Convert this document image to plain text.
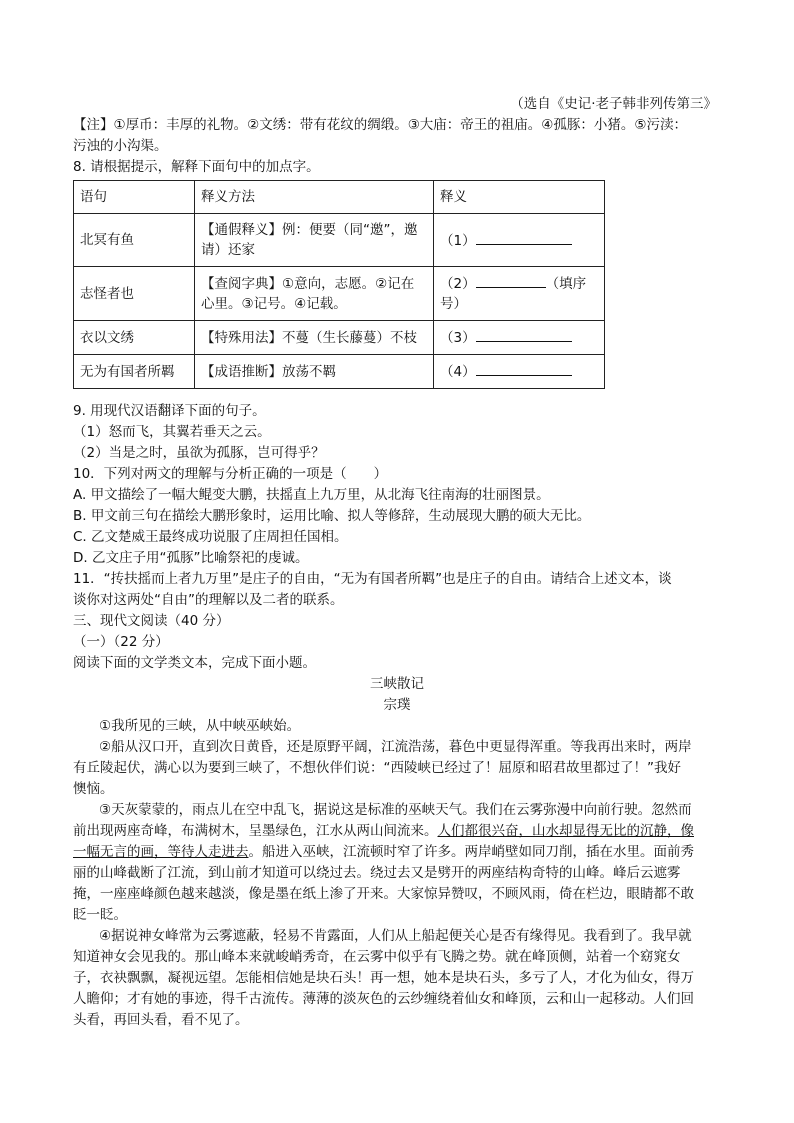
（选自《史记·老子韩非列传第三》
【注】①厚币：丰厚的礼物。②文绣：带有花纹的绸缎。③大庙：帝王的祖庙。④孤豚：小猪。⑤污渎：
污浊的小沟渠。
8. 请根据提示，解释下面句中的加点字。
语句	释义方法	释义
北冥有鱼	【通假释义】例：便要（同“邀”，邀请）还家	（1）
志怪者也	【查阅字典】①意向，志愿。②记在心里。③记号。④记载。	（2） （填序号）
衣以文绣	【特殊用法】不蔓（生长藤蔓）不枝	（3）
无为有国者所羁	【成语推断】放荡不羁	（4）
9. 用现代汉语翻译下面的句子。
（1）怒而飞，其翼若垂天之云。
（2）当是之时，虽欲为孤豚，岂可得乎？
10．下列对两文的理解与分析正确的一项是（　　）
A. 甲文描绘了一幅大鲲变大鹏，扶摇直上九万里，从北海飞往南海的壮丽图景。
B. 甲文前三句在描绘大鹏形象时，运用比喻、拟人等修辞，生动展现大鹏的硕大无比。
C. 乙文楚威王最终成功说服了庄周担任国相。
D. 乙文庄子用“孤豚”比喻祭祀的虔诚。
11．“抟扶摇而上者九万里”是庄子的自由，“无为有国者所羁”也是庄子的自由。请结合上述文本，谈
谈你对这两处“自由”的理解以及二者的联系。
三、现代文阅读（40 分）
（一）（22 分）
阅读下面的文学类文本，完成下面小题。
三峡散记
宗璞
①我所见的三峡，从中峡巫峡始。
②船从汉口开，直到次日黄昏，还是原野平阔，江流浩荡，暮色中更显得浑重。等我再出来时，两岸
有丘陵起伏，满心以为要到三峡了，不想伙伴们说：“西陵峡已经过了！屈原和昭君故里都过了！”我好
懊恼。
③天灰蒙蒙的，雨点儿在空中乱飞，据说这是标准的巫峡天气。我们在云雾弥漫中向前行驶。忽然而
前出现两座奇峰，布满树木，呈墨绿色，江水从两山间流来。人们都很兴奋，山水却显得无比的沉静，像
一幅无言的画，等待人走进去。船进入巫峡，江流顿时窄了许多。两岸峭壁如同刀削，插在水里。面前秀
丽的山峰截断了江流，到山前才知道可以绕过去。绕过去又是劈开的两座结构奇特的山峰。峰后云遮雾
掩，一座座峰颜色越来越淡，像是墨在纸上渗了开来。大家惊异赞叹，不顾风雨，倚在栏边，眼睛都不敢
眨一眨。
④据说神女峰常为云雾遮蔽，轻易不肯露面，人们从上船起便关心是否有缘得见。我看到了。我早就
知道神女会见我的。那山峰本来就峻峭秀奇，在云雾中似乎有飞腾之势。就在峰顶侧，站着一个窈窕女
子，衣袂飘飘，凝视远望。怎能相信她是块石头！再一想，她本是块石头，多亏了人，才化为仙女，得万
人瞻仰；才有她的事迹，得千古流传。薄薄的淡灰色的云纱缠绕着仙女和峰顶，云和山一起移动。人们回
头看，再回头看，看不见了。
